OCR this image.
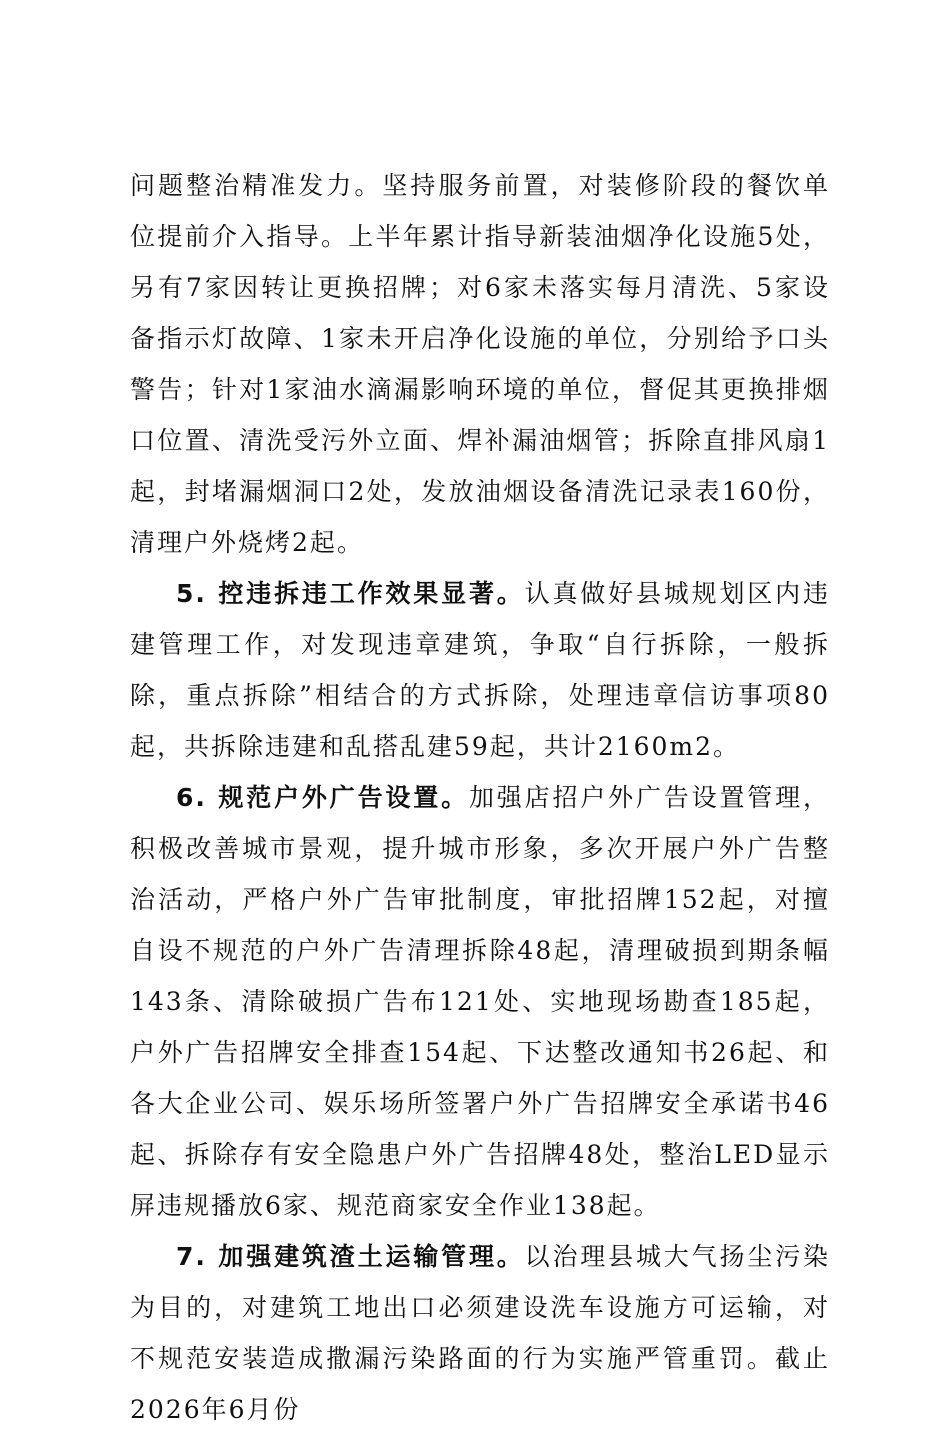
问题整治精准发力。坚持服务前置，对装修阶段的餐饮单位提前介入指导。上半年累计指导新装油烟净化设施5处，另有7家因转让更换招牌；对6家未落实每月清洗、5家设备指示灯故障、1家未开启净化设施的单位，分别给予口头警告；针对1家油水滴漏影响环境的单位，督促其更换排烟口位置、清洗受污外立面、焊补漏油烟管；拆除直排风扇1起，封堵漏烟洞口2处，发放油烟设备清洗记录表160份，清理户外烧烤2起。

5. 控违拆违工作效果显著。认真做好县城规划区内违建管理工作，对发现违章建筑，争取“自行拆除，一般拆除，重点拆除”相结合的方式拆除，处理违章信访事项80起，共拆除违建和乱搭乱建59起，共计2160m2。

6. 规范户外广告设置。加强店招户外广告设置管理，积极改善城市景观，提升城市形象，多次开展户外广告整治活动，严格户外广告审批制度，审批招牌152起，对擅自设不规范的户外广告清理拆除48起，清理破损到期条幅143条、清除破损广告布121处、实地现场勘查185起，户外广告招牌安全排查154起、下达整改通知书26起、和各大企业公司、娱乐场所签署户外广告招牌安全承诺书46起、拆除存有安全隐患户外广告招牌48处，整治LED显示屏违规播放6家、规范商家安全作业138起。

7. 加强建筑渣土运输管理。以治理县城大气扬尘污染为目的，对建筑工地出口必须建设洗车设施方可运输，对不规范安装造成撒漏污染路面的行为实施严管重罚。截止2026年6月份
